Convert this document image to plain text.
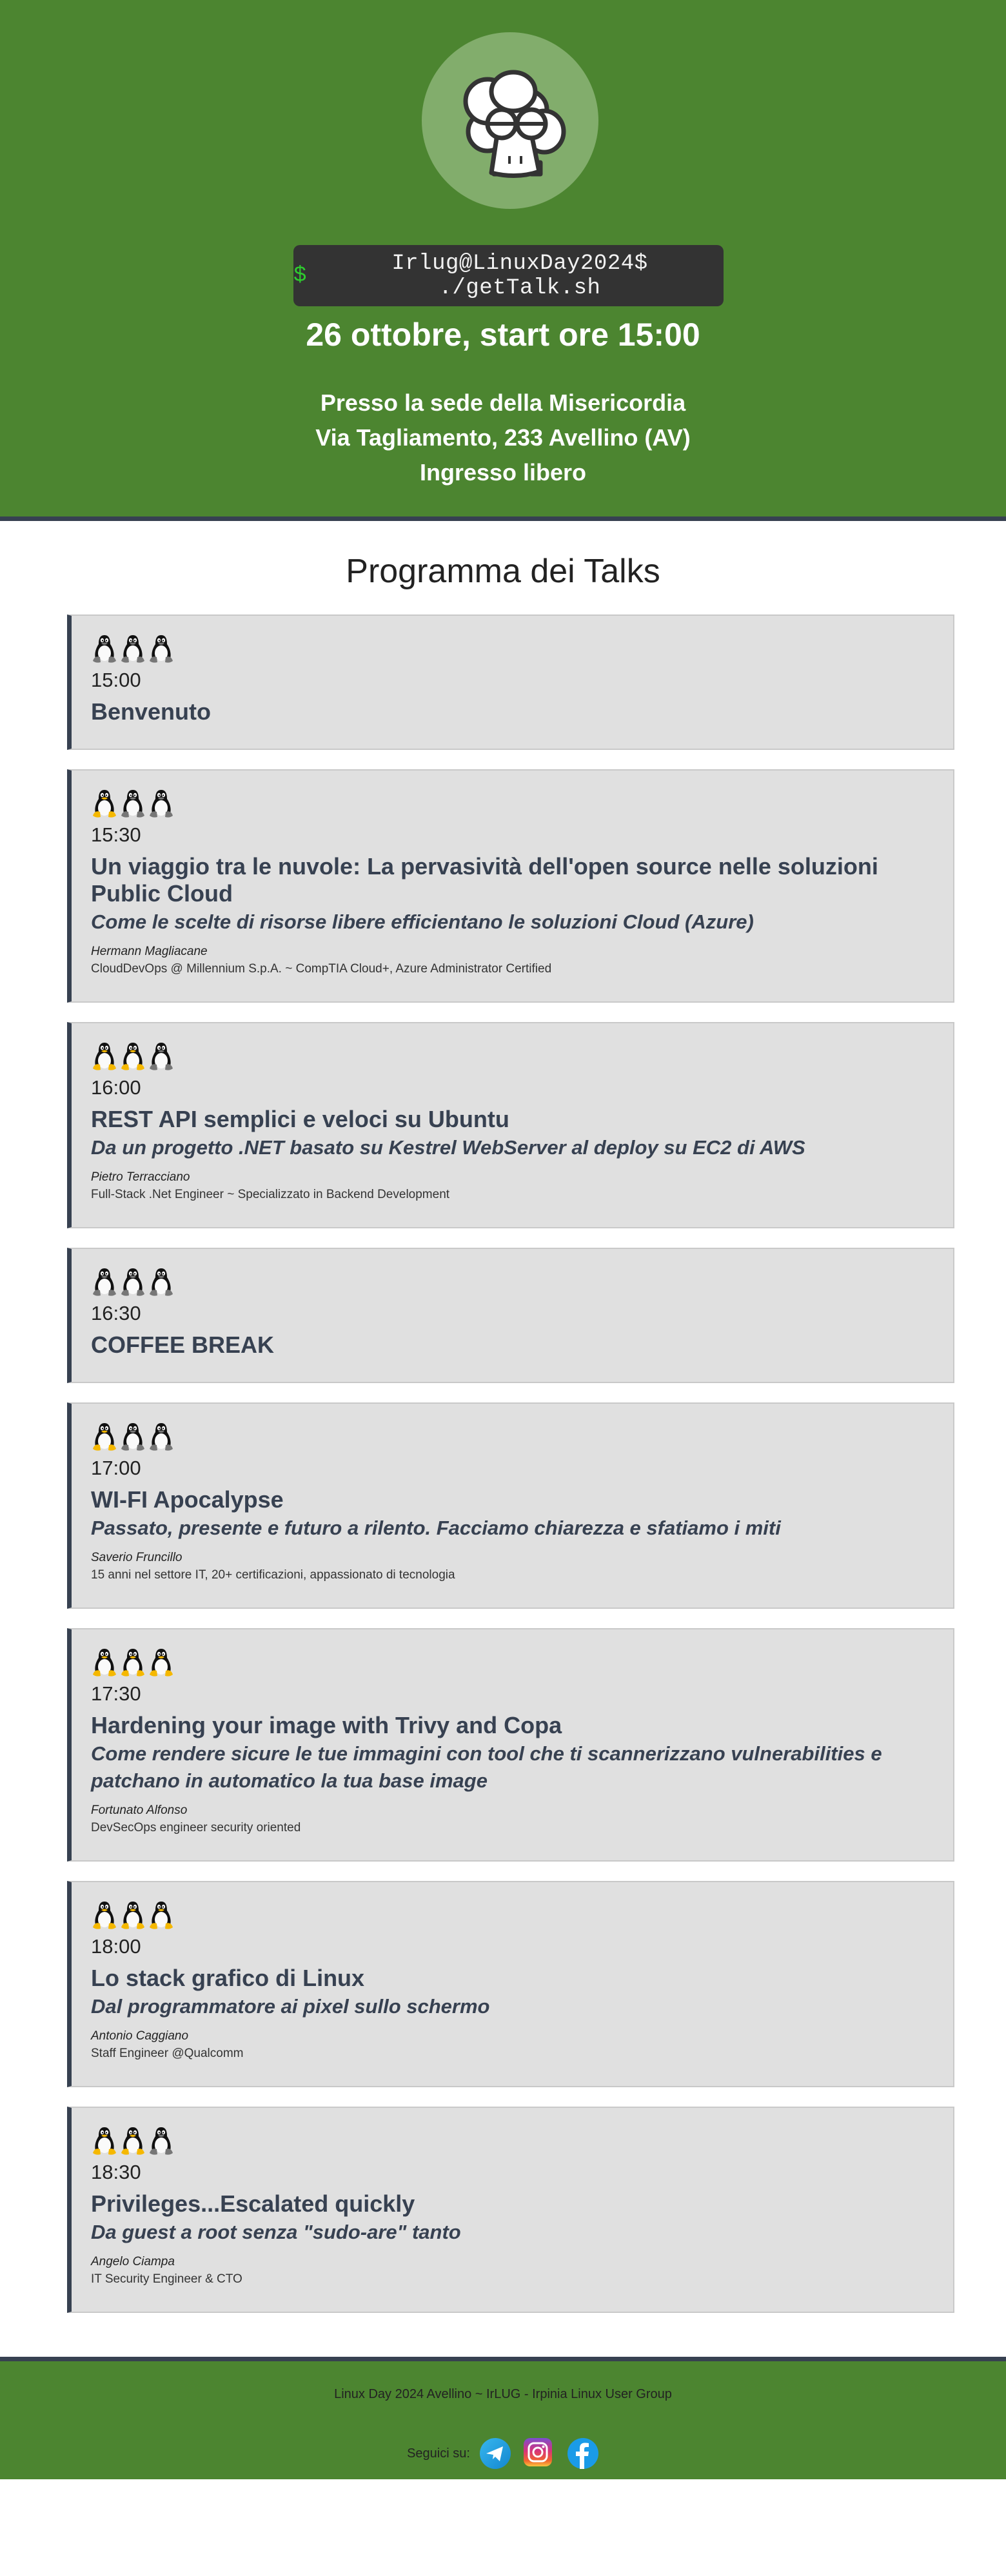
$	Irlug@LinuxDay2024$ ./getTalk.sh
26 ottobre, start ore 15:00
Presso la sede della Misericordia
Via Tagliamento, 233 Avellino (AV)
Ingresso libero
Programma dei Talks
15:00
Benvenuto
15:30
Un viaggio tra le nuvole: La pervasività dell'open source nelle soluzioni Public Cloud
Come le scelte di risorse libere efficientano le soluzioni Cloud (Azure)
Hermann Magliacane
CloudDevOps @ Millennium S.p.A. ~ CompTIA Cloud+, Azure Administrator Certified
16:00
REST API semplici e veloci su Ubuntu
Da un progetto .NET basato su Kestrel WebServer al deploy su EC2 di AWS
Pietro Terracciano
Full-Stack .Net Engineer ~ Specializzato in Backend Development
16:30
COFFEE BREAK
17:00
WI-FI Apocalypse
Passato, presente e futuro a rilento. Facciamo chiarezza e sfatiamo i miti
Saverio Fruncillo
15 anni nel settore IT, 20+ certificazioni, appassionato di tecnologia
17:30
Hardening your image with Trivy and Copa
Come rendere sicure le tue immagini con tool che ti scannerizzano vulnerabilities e patchano in automatico la tua base image
Fortunato Alfonso
DevSecOps engineer security oriented
18:00
Lo stack grafico di Linux
Dal programmatore ai pixel sullo schermo
Antonio Caggiano
Staff Engineer @Qualcomm
18:30
Privileges...Escalated quickly
Da guest a root senza "sudo-are" tanto
Angelo Ciampa
IT Security Engineer & CTO
Linux Day 2024 Avellino ~ IrLUG - Irpinia Linux User Group
Seguici su:
